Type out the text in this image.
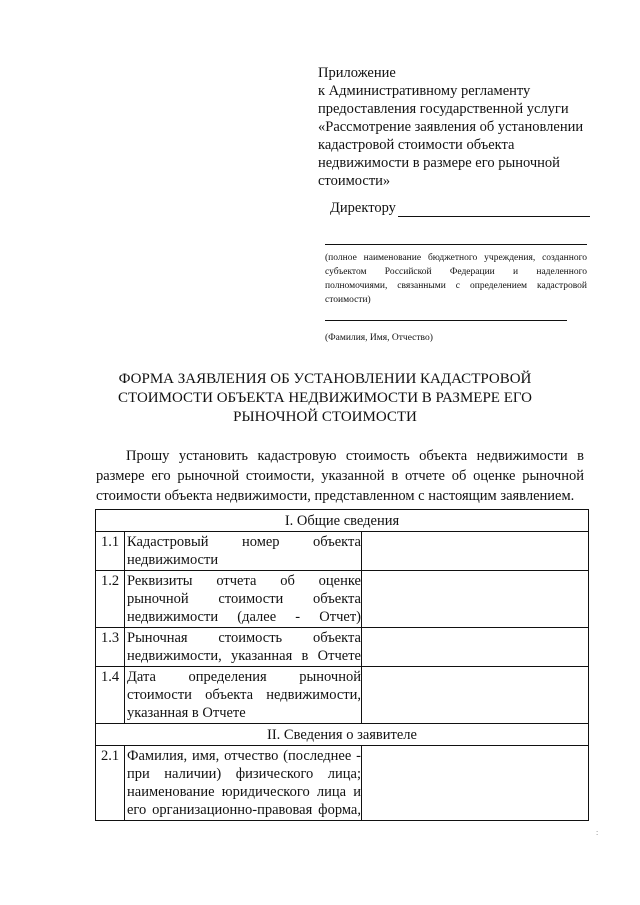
Приложение
к Административному регламенту
предоставления государственной услуги
«Рассмотрение заявления об установлении
кадастровой стоимости объекта
недвижимости в размере его рыночной
стоимости»
Директору
(полное наименование бюджетного учреждения, созданного субъектом Российской Федерации и наделенного полномочиями, связанными с определением кадастровой стоимости)
(Фамилия, Имя, Отчество)
ФОРМА ЗАЯВЛЕНИЯ ОБ УСТАНОВЛЕНИИ КАДАСТРОВОЙ
СТОИМОСТИ ОБЪЕКТА НЕДВИЖИМОСТИ В РАЗМЕРЕ ЕГО
РЫНОЧНОЙ СТОИМОСТИ
Прошу установить кадастровую стоимость объекта недвижимости в размере его рыночной стоимости, указанной в отчете об оценке рыночной стоимости объекта недвижимости, представленном с настоящим заявлением.
I. Общие сведения		
1.1	Кадастровый номер объекта недвижимости	
1.2	Реквизиты отчета об оценке рыночной стоимости объекта недвижимости (далее - Отчет)	
1.3	Рыночная стоимость объекта недвижимости, указанная в Отчете	
1.4	Дата определения рыночной стоимости объекта недвижимости, указанная в Отчете	
II. Сведения о заявителе		
2.1	Фамилия, имя, отчество (последнее - при наличии) физического лица; наименование юридического лица и его организационно-правовая форма,	
:
